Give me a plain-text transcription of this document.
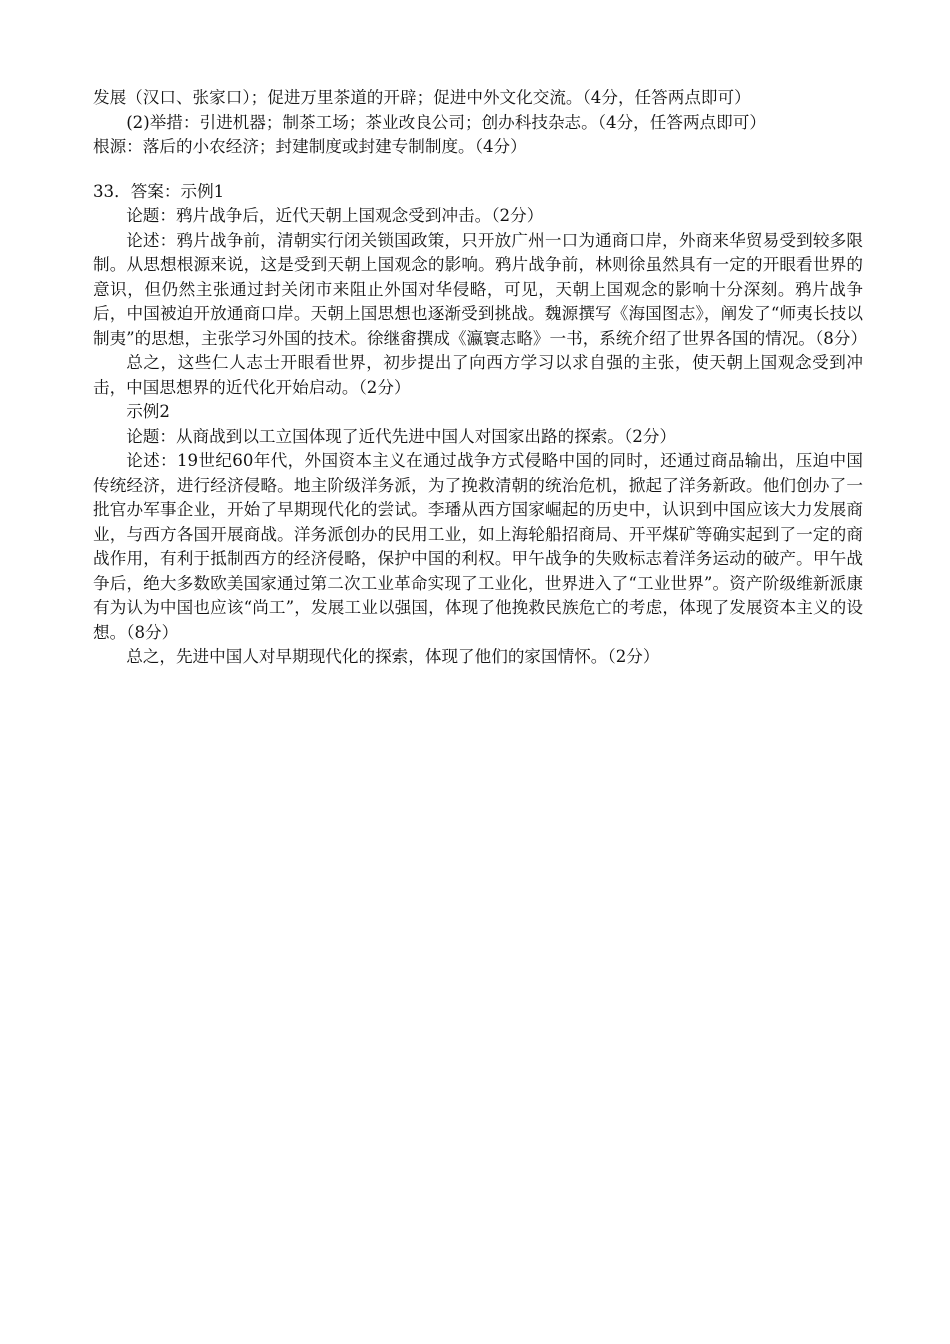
发展（汉口、张家口）；促进万里茶道的开辟；促进中外文化交流。（4分，任答两点即可）

(2)举措：引进机器；制茶工场；茶业改良公司；创办科技杂志。（4分，任答两点即可）

根源：落后的小农经济；封建制度或封建专制制度。（4分）

33．答案：示例1

论题：鸦片战争后，近代天朝上国观念受到冲击。（2分）

论述：鸦片战争前，清朝实行闭关锁国政策，只开放广州一口为通商口岸，外商来华贸易受到较多限制。从思想根源来说，这是受到天朝上国观念的影响。鸦片战争前，林则徐虽然具有一定的开眼看世界的意识，但仍然主张通过封关闭市来阻止外国对华侵略，可见，天朝上国观念的影响十分深刻。鸦片战争后，中国被迫开放通商口岸。天朝上国思想也逐渐受到挑战。魏源撰写《海国图志》，阐发了“师夷长技以制夷”的思想，主张学习外国的技术。徐继畬撰成《瀛寰志略》一书，系统介绍了世界各国的情况。（8分）

总之，这些仁人志士开眼看世界，初步提出了向西方学习以求自强的主张，使天朝上国观念受到冲击，中国思想界的近代化开始启动。（2分）

示例2

论题：从商战到以工立国体现了近代先进中国人对国家出路的探索。（2分）

论述：19世纪60年代，外国资本主义在通过战争方式侵略中国的同时，还通过商品输出，压迫中国传统经济，进行经济侵略。地主阶级洋务派，为了挽救清朝的统治危机，掀起了洋务新政。他们创办了一批官办军事企业，开始了早期现代化的尝试。李璠从西方国家崛起的历史中，认识到中国应该大力发展商业，与西方各国开展商战。洋务派创办的民用工业，如上海轮船招商局、开平煤矿等确实起到了一定的商战作用，有利于抵制西方的经济侵略，保护中国的利权。甲午战争的失败标志着洋务运动的破产。甲午战争后，绝大多数欧美国家通过第二次工业革命实现了工业化，世界进入了“工业世界”。资产阶级维新派康有为认为中国也应该“尚工”，发展工业以强国，体现了他挽救民族危亡的考虑，体现了发展资本主义的设想。（8分）

总之，先进中国人对早期现代化的探索，体现了他们的家国情怀。（2分）
